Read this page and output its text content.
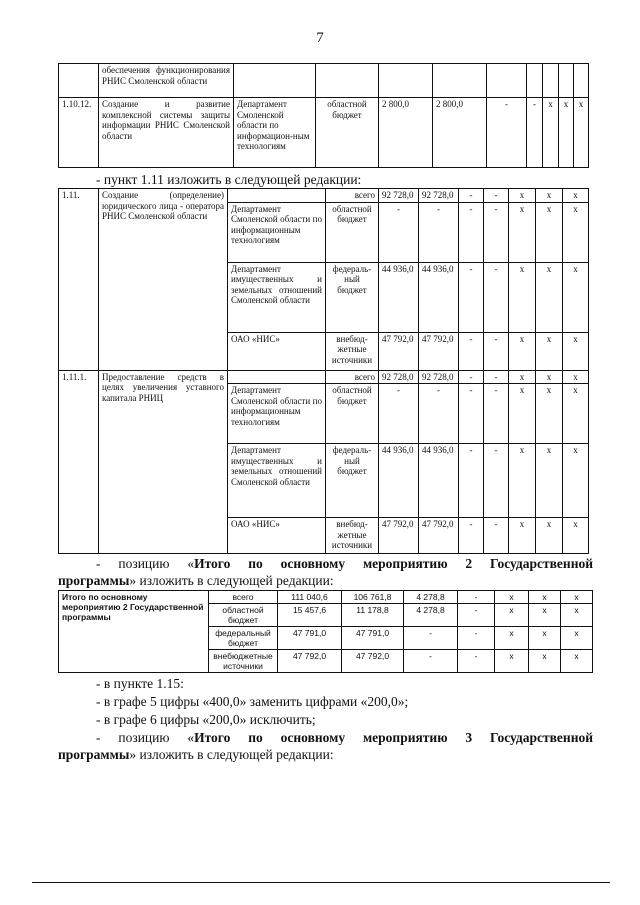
7
	обеспечения функционирования РНИС Смоленской области									
1.10.12.	Создание и развитие комплексной системы защиты информации РНИС Смоленской области	Департамент Смоленской области по информацион-ным технологиям	областной бюджет	2 800,0	2 800,0	-	-	х	х	х
- пункт 1.11 изложить в следующей редакции:
1.11.	Создание (определение) юридического лица - оператора РНИС Смоленской области		всего	92 728,0	92 728,0	-	-	х	х	х
		Департамент Смоленской области по информационным технологиям	областной бюджет	-	-	-	-	х	х	х
		Департамент имущественных и земельных отношений Смоленской области	федераль-ный бюджет	44 936,0	44 936,0	-	-	х	х	х
		ОАО «НИС»	внебюд-жетные источники	47 792,0	47 792,0	-	-	х	х	х
1.11.1.	Предоставление средств в целях увеличения уставного капитала РНИЦ		всего	92 728,0	92 728,0	-	-	х	х	х
		Департамент Смоленской области по информационным технологиям	областной бюджет	-	-	-	-	х	х	х
		Департамент имущественных и земельных отношений Смоленской области	федераль-ный бюджет	44 936,0	44 936,0	-	-	х	х	х
		ОАО «НИС»	внебюд-жетные источники	47 792,0	47 792,0	-	-	х	х	х
- позицию «Итого по основному мероприятию 2 Государственной
программы» изложить в следующей редакции:
Итого по основному мероприятию 2 Государственной программы	всего	111 040,6	106 761,8	4 278,8	-	х	х	х
	областной бюджет	15 457,6	11 178,8	4 278,8	-	х	х	х
	федеральный бюджет	47 791,0	47 791,0	-	-	х	х	х
	внебюджетные источники	47 792,0	47 792,0	-	-	х	х	х
- в пункте 1.15:
- в графе 5 цифры «400,0» заменить цифрами «200,0»;
- в графе 6 цифры «200,0» исключить;
- позицию «Итого по основному мероприятию 3 Государственной
программы» изложить в следующей редакции:
